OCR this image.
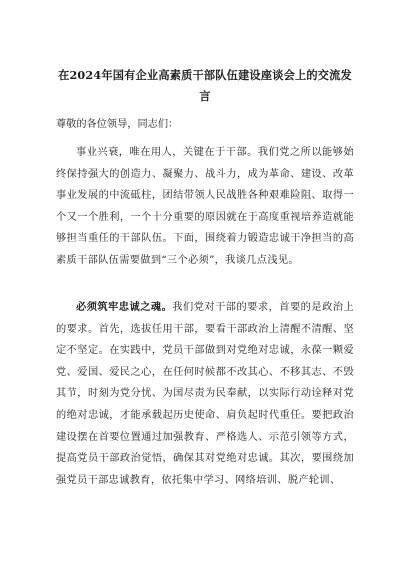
在2024年国有企业高素质干部队伍建设座谈会上的交流发言
尊敬的各位领导，同志们：
事业兴衰，唯在用人，关键在于干部。我们党之所以能够始终保持强大的创造力、凝聚力、战斗力，成为革命、建设、改革事业发展的中流砥柱，团结带领人民战胜各种艰难险阻、取得一个又一个胜利，一个十分重要的原因就在于高度重视培养造就能够担当重任的干部队伍。下面，围绕着力锻造忠诚干净担当的高素质干部队伍需要做到“三个必须”，我谈几点浅见。
必须筑牢忠诚之魂。我们党对干部的要求，首要的是政治上的要求。首先，选拔任用干部，要看干部政治上清醒不清醒、坚定不坚定。在实践中，党员干部做到对党绝对忠诚，永葆一颗爱党、爱国、爱民之心，在任何时候都不改其心、不移其志、不毁其节，时刻为党分忧、为国尽责为民奉献，以实际行动诠释对党的绝对忠诚，才能承载起历史使命、肩负起时代重任。要把政治建设摆在首要位置通过加强教育、严格选人、示范引领等方式，提高党员干部政治觉悟，确保其对党绝对忠诚。其次，要围绕加强党员干部忠诚教育，依托集中学习、网络培训、脱产轮训、
